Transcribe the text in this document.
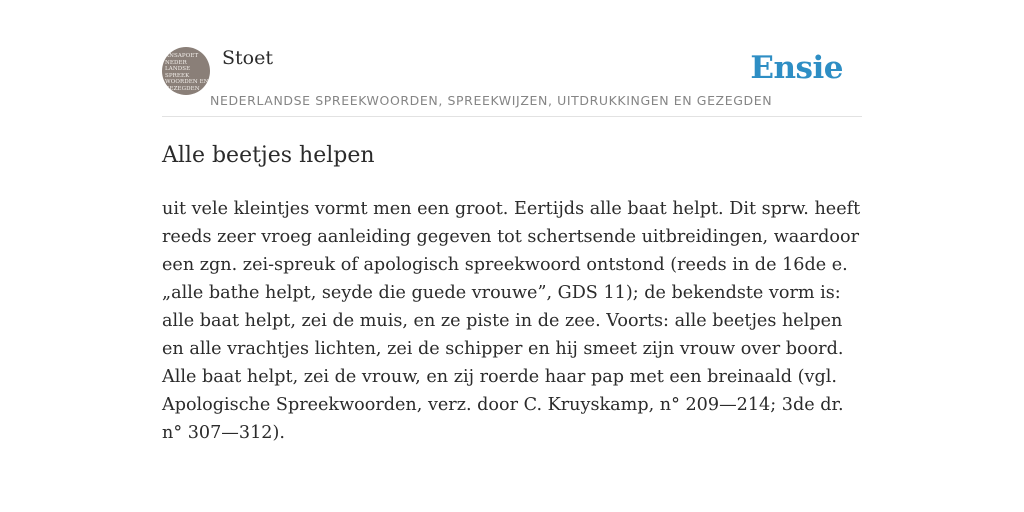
ANSAPOET
NEDER
LANDSE
SPREEK
WOORDEN EN
GEZEGDEN
Stoet	Ensie
NEDERLANDSE SPREEKWOORDEN, SPREEKWIJZEN, UITDRUKKINGEN EN GEZEGDEN
Alle beetjes helpen

uit vele kleintjes vormt men een groot. Eertijds alle baat helpt. Dit sprw. heeft reeds zeer vroeg aanleiding gegeven tot schertsende uitbreidingen, waardoor een zgn. zei-spreuk of apologisch spreekwoord ontstond (reeds in de 16de e. „alle bathe helpt, seyde die guede vrouwe”, GDS 11); de bekendste vorm is: alle baat helpt, zei de muis, en ze piste in de zee. Voorts: alle beetjes helpen en alle vrachtjes lichten, zei de schipper en hij smeet zijn vrouw over boord. Alle baat helpt, zei de vrouw, en zij roerde haar pap met een breinaald (vgl. Apologische Spreekwoorden, verz. door C. Kruyskamp, n° 209—214; 3de dr. n° 307—312).
